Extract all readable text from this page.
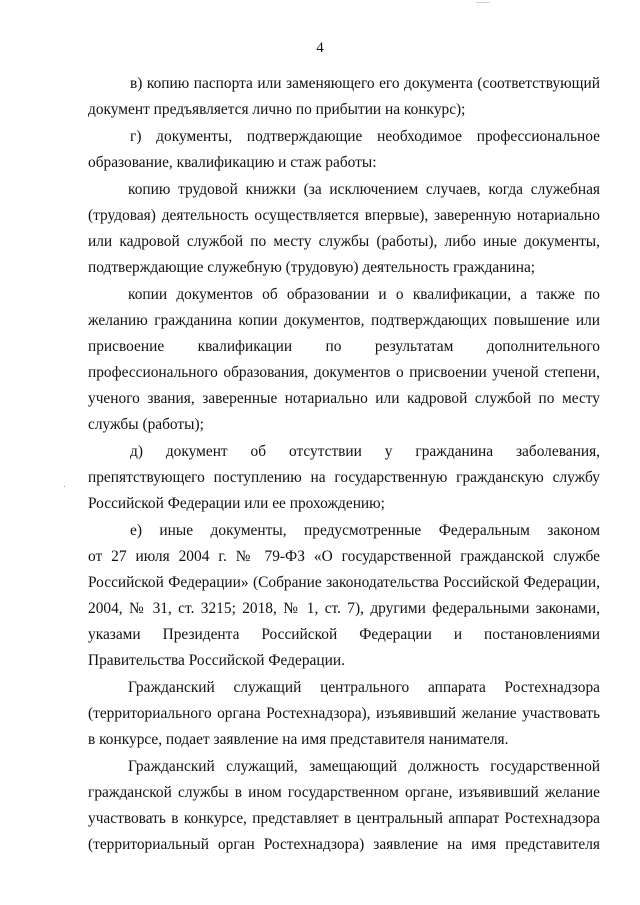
4
в) копию паспорта или заменяющего его документа (соответствующий
документ предъявляется лично по прибытии на конкурс);
г) документы, подтверждающие необходимое профессиональное
образование, квалификацию и стаж работы:
копию трудовой книжки (за исключением случаев, когда служебная
(трудовая) деятельность осуществляется впервые), заверенную нотариально
или кадровой службой по месту службы (работы), либо иные документы,
подтверждающие служебную (трудовую) деятельность гражданина;
копии документов об образовании и о квалификации, а также по
желанию гражданина копии документов, подтверждающих повышение или
присвоение квалификации по результатам дополнительного
профессионального образования, документов о присвоении ученой степени,
ученого звания, заверенные нотариально или кадровой службой по месту
службы (работы);
д) документ об отсутствии у гражданина заболевания,
препятствующего поступлению на государственную гражданскую службу
Российской Федерации или ее прохождению;
е) иные документы, предусмотренные Федеральным законом
от 27 июля 2004 г. № 79-ФЗ «О государственной гражданской службе
Российской Федерации» (Собрание законодательства Российской Федерации,
2004, № 31, ст. 3215; 2018, № 1, ст. 7), другими федеральными законами,
указами Президента Российской Федерации и постановлениями
Правительства Российской Федерации.
Гражданский служащий центрального аппарата Ростехнадзора
(территориального органа Ростехнадзора), изъявивший желание участвовать
в конкурсе, подает заявление на имя представителя нанимателя.
Гражданский служащий, замещающий должность государственной
гражданской службы в ином государственном органе, изъявивший желание
участвовать в конкурсе, представляет в центральный аппарат Ростехнадзора
(территориальный орган Ростехнадзора) заявление на имя представителя
